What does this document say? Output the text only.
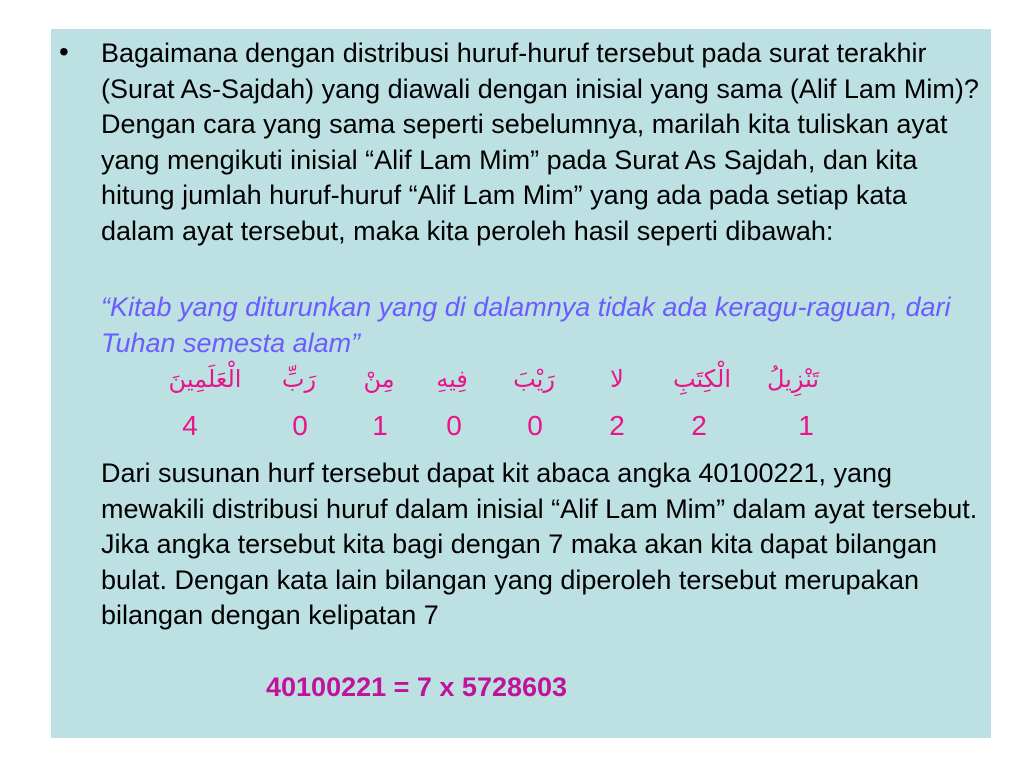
• Bagaimana dengan distribusi huruf-huruf tersebut pada surat terakhir (Surat As-Sajdah) yang diawali dengan inisial yang sama (Alif Lam Mim)? Dengan cara yang sama seperti sebelumnya, marilah kita tuliskan ayat yang mengikuti inisial “Alif Lam Mim” pada Surat As Sajdah, dan kita hitung jumlah huruf-huruf “Alif Lam Mim” yang ada pada setiap kata dalam ayat tersebut, maka kita peroleh hasil seperti dibawah:

“Kitab yang diturunkan yang di dalamnya tidak ada keragu-raguan, dari Tuhan semesta alam”

تَنْزِيلُ
الْكِتَبِ
لا
رَيْبَ
فِيهِ
مِنْ
رَبِّ
الْعَلَمِينَ
1
2
2
0
0
1
0
4

Dari susunan hurf tersebut dapat kit abaca angka 40100221, yang mewakili distribusi huruf dalam inisial “Alif Lam Mim” dalam ayat tersebut. Jika angka tersebut kita bagi dengan 7 maka akan kita dapat bilangan bulat. Dengan kata lain bilangan yang diperoleh tersebut merupakan bilangan dengan kelipatan 7

40100221 = 7 x 5728603
